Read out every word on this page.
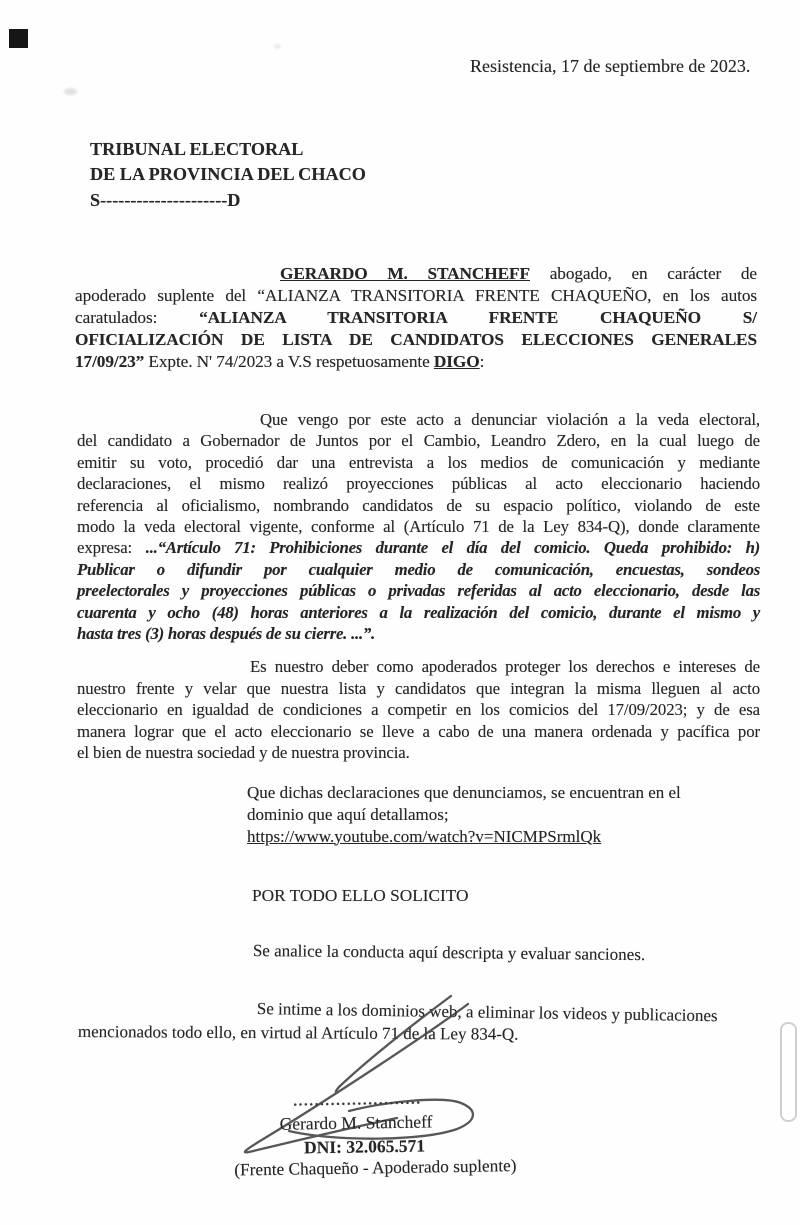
Resistencia, 17 de septiembre de 2023.
TRIBUNAL ELECTORAL
DE LA PROVINCIA DEL CHACO
S---------------------D
GERARDO M. STANCHEFF abogado, en carácter de
apoderado suplente del “ALIANZA TRANSITORIA FRENTE CHAQUEÑO, en los autos
caratulados: “ALIANZA TRANSITORIA FRENTE CHAQUEÑO S/
OFICIALIZACIÓN DE LISTA DE CANDIDATOS ELECCIONES GENERALES
17/09/23” Expte. N' 74/2023 a V.S respetuosamente DIGO:
Que vengo por este acto a denunciar violación a la veda electoral,
del candidato a Gobernador de Juntos por el Cambio, Leandro Zdero, en la cual luego de
emitir su voto, procedió dar una entrevista a los medios de comunicación y mediante
declaraciones, el mismo realizó proyecciones públicas al acto eleccionario haciendo
referencia al oficialismo, nombrando candidatos de su espacio político, violando de este
modo la veda electoral vigente, conforme al (Artículo 71 de la Ley 834-Q), donde claramente
expresa: ...“Artículo 71: Prohibiciones durante el día del comicio. Queda prohibido: h)
Publicar o difundir por cualquier medio de comunicación, encuestas, sondeos
preelectorales y proyecciones públicas o privadas referidas al acto eleccionario, desde las
cuarenta y ocho (48) horas anteriores a la realización del comicio, durante el mismo y
hasta tres (3) horas después de su cierre. ...”.
Es nuestro deber como apoderados proteger los derechos e intereses de
nuestro frente y velar que nuestra lista y candidatos que integran la misma lleguen al acto
eleccionario en igualdad de condiciones a competir en los comicios del 17/09/2023; y de esa
manera lograr que el acto eleccionario se lleve a cabo de una manera ordenada y pacífica por
el bien de nuestra sociedad y de nuestra provincia.
Que dichas declaraciones que denunciamos, se encuentran en el
dominio que aquí detallamos;
https://www.youtube.com/watch?v=NICMPSrmlQk
POR TODO ELLO SOLICITO
Se analice la conducta aquí descripta y evaluar sanciones.
Se intime a los dominios web, a eliminar los videos y publicaciones
mencionados todo ello, en virtud al Artículo 71 de la Ley 834-Q.
........................
Gerardo M. Stancheff
DNI: 32.065.571
(Frente Chaqueño - Apoderado suplente)
